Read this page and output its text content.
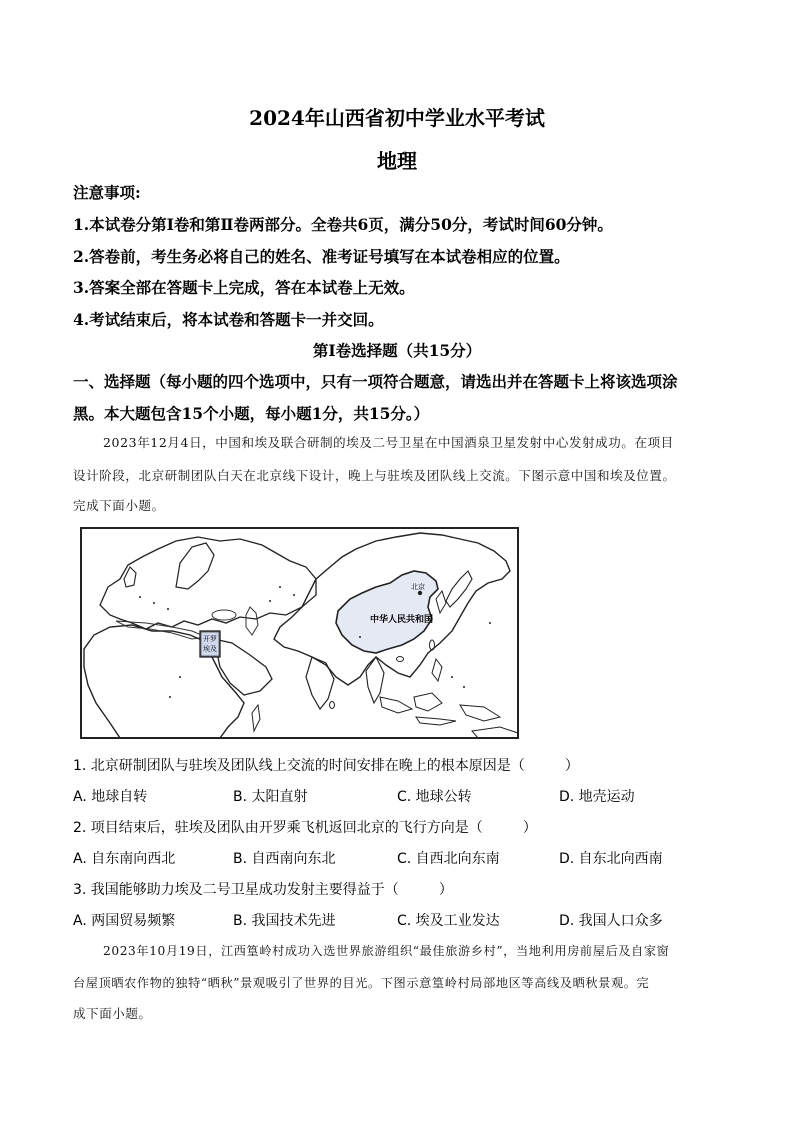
2024年山西省初中学业水平考试
地理
注意事项:
1.本试卷分第Ⅰ卷和第Ⅱ卷两部分。全卷共6页，满分50分，考试时间60分钟。
2.答卷前，考生务必将自己的姓名、准考证号填写在本试卷相应的位置。
3.答案全部在答题卡上完成，答在本试卷上无效。
4.考试结束后，将本试卷和答题卡一并交回。
第Ⅰ卷选择题（共15分）
一、选择题（每小题的四个选项中，只有一项符合题意，请选出并在答题卡上将该选项涂
黑。本大题包含15个小题，每小题1分，共15分。）
2023年12月4日，中国和埃及联合研制的埃及二号卫星在中国酒泉卫星发射中心发射成功。在项目
设计阶段，北京研制团队白天在北京线下设计，晚上与驻埃及团队线上交流。下图示意中国和埃及位置。
完成下面小题。
开罗
埃及
中华人民共和国
北京
1. 北京研制团队与驻埃及团队线上交流的时间安排在晚上的根本原因是（	）
A. 地球自转	B. 太阳直射	C. 地球公转	D. 地壳运动
2. 项目结束后，驻埃及团队由开罗乘飞机返回北京的飞行方向是（	）
A. 自东南向西北	B. 自西南向东北	C. 自西北向东南	D. 自东北向西南
3. 我国能够助力埃及二号卫星成功发射主要得益于（	）
A. 两国贸易频繁	B. 我国技术先进	C. 埃及工业发达	D. 我国人口众多
2023年10月19日，江西篁岭村成功入选世界旅游组织“最佳旅游乡村”，当地利用房前屋后及自家窗
台屋顶晒农作物的独特“晒秋”景观吸引了世界的目光。下图示意篁岭村局部地区等高线及晒秋景观。完
成下面小题。
